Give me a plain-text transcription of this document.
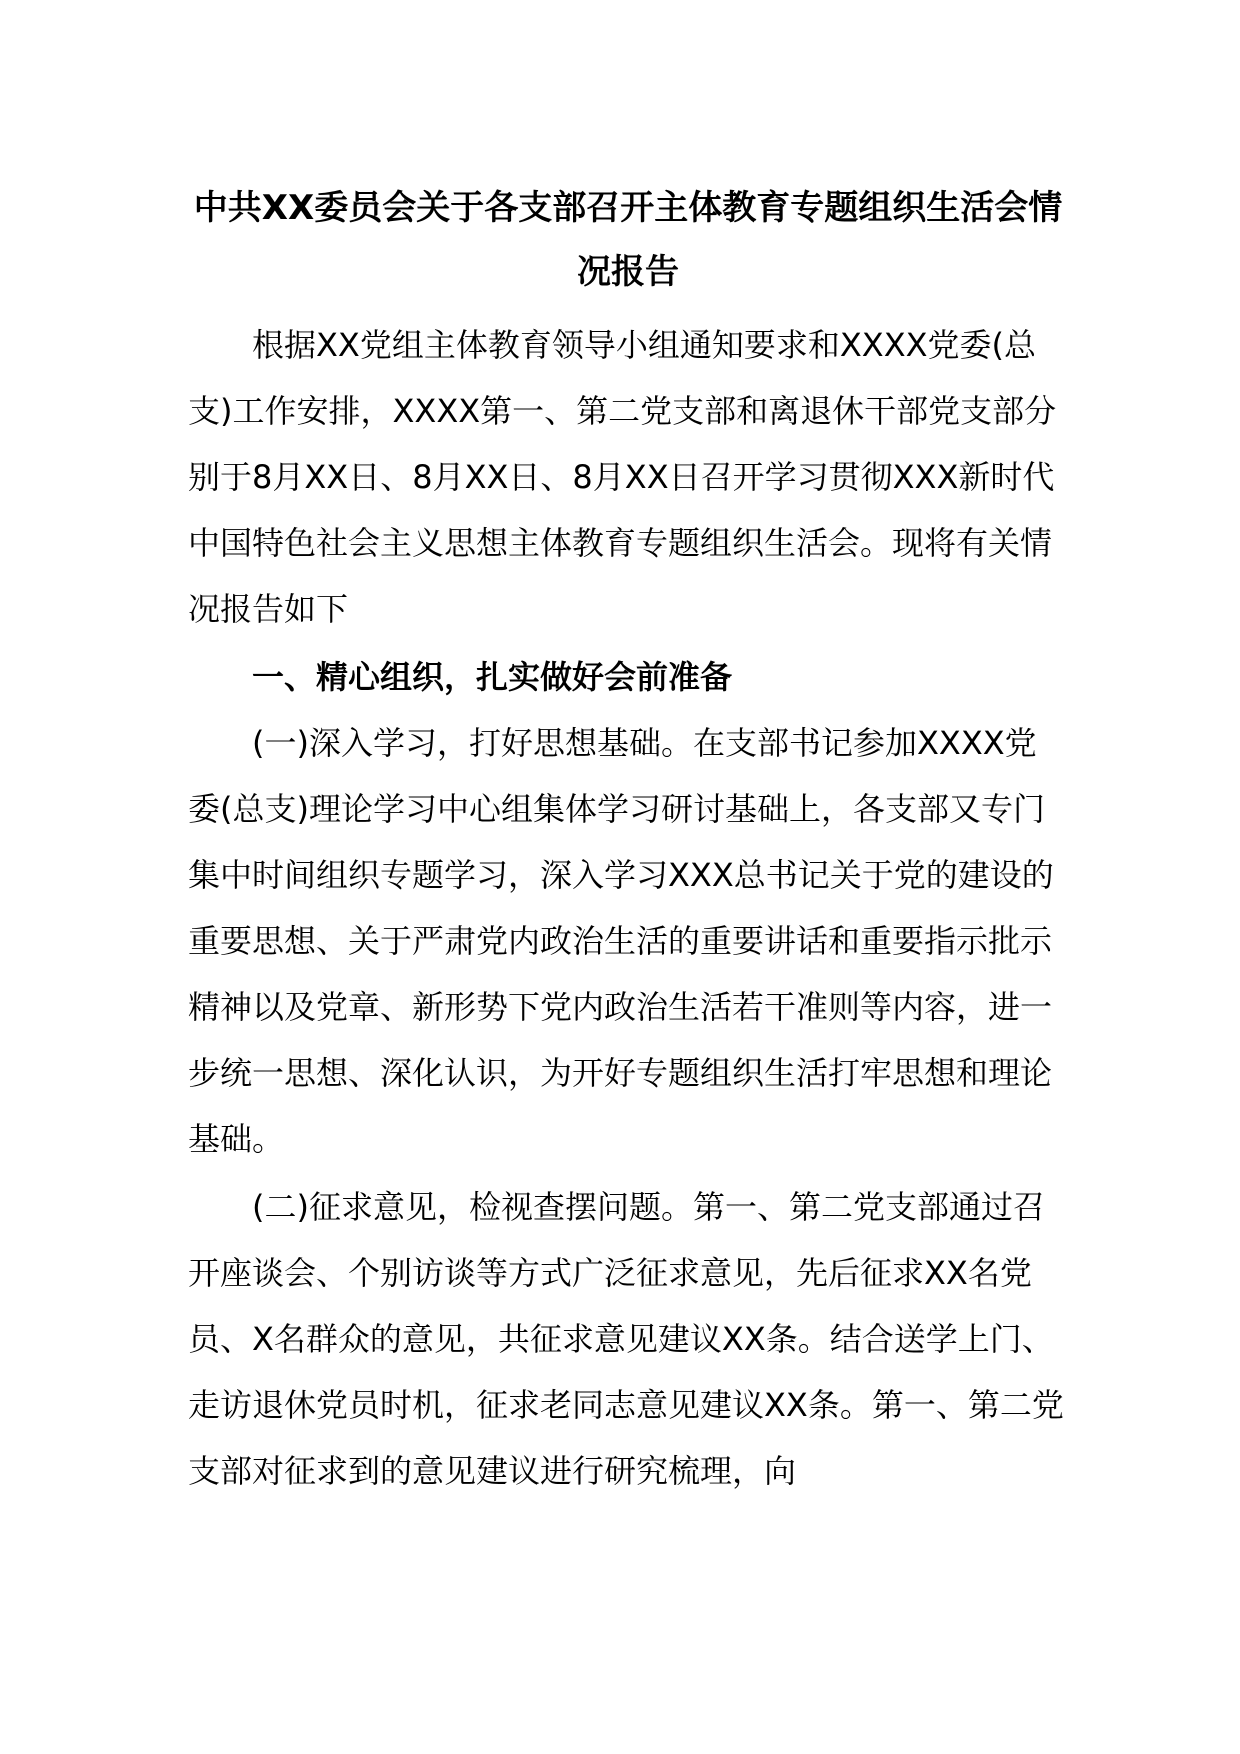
中共XX委员会关于各支部召开主体教育专题组织生活会情况报告

根据XX党组主体教育领导小组通知要求和XXXX党委(总支)工作安排，XXXX第一、第二党支部和离退休干部党支部分别于8月XX日、8月XX日、8月XX日召开学习贯彻XXX新时代中国特色社会主义思想主体教育专题组织生活会。现将有关情况报告如下

一、精心组织，扎实做好会前准备

(一)深入学习，打好思想基础。在支部书记参加XXXX党委(总支)理论学习中心组集体学习研讨基础上，各支部又专门集中时间组织专题学习，深入学习XXX总书记关于党的建设的重要思想、关于严肃党内政治生活的重要讲话和重要指示批示精神以及党章、新形势下党内政治生活若干准则等内容，进一步统一思想、深化认识，为开好专题组织生活打牢思想和理论基础。

(二)征求意见，检视查摆问题。第一、第二党支部通过召开座谈会、个别访谈等方式广泛征求意见，先后征求XX名党员、X名群众的意见，共征求意见建议XX条。结合送学上门、走访退休党员时机，征求老同志意见建议XX条。第一、第二党支部对征求到的意见建议进行研究梳理，向
